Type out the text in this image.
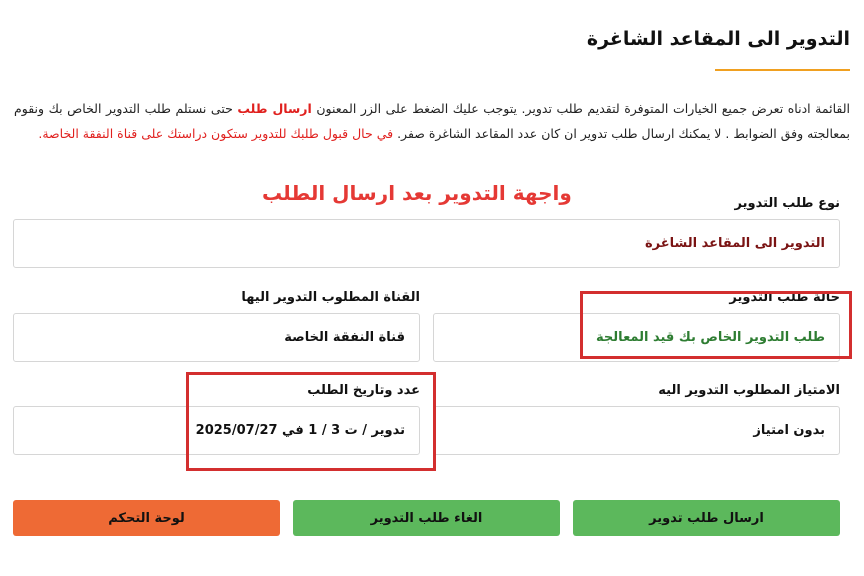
التدوير الى المقاعد الشاغرة

القائمة ادناه تعرض جميع الخيارات المتوفرة لتقديم طلب تدوير. يتوجب عليك الضغط على الزر المعنون ارسال طلب حتى نستلم طلب التدوير الخاص بك ونقوم بمعالجته وفق الضوابط . لا يمكنك ارسال طلب تدوير ان كان عدد المقاعد الشاغرة صفر. في حال قبول طلبك للتدوير ستكون دراستك على قناة النفقة الخاصة.

واجهة التدوير بعد ارسال الطلب	نوع طلب التدوير
التدوير الى المقاعد الشاغرة
القناة المطلوب التدوير اليها
قناة النفقة الخاصة
حالة طلب التدوير
طلب التدوير الخاص بك قيد المعالجة
عدد وتاريخ الطلب
تدوير / ت 3 / 1 في 2025/07/27
الامتياز المطلوب التدوير اليه
بدون امتياز
ارسال طلب تدوير
الغاء طلب التدوير
لوحة التحكم
